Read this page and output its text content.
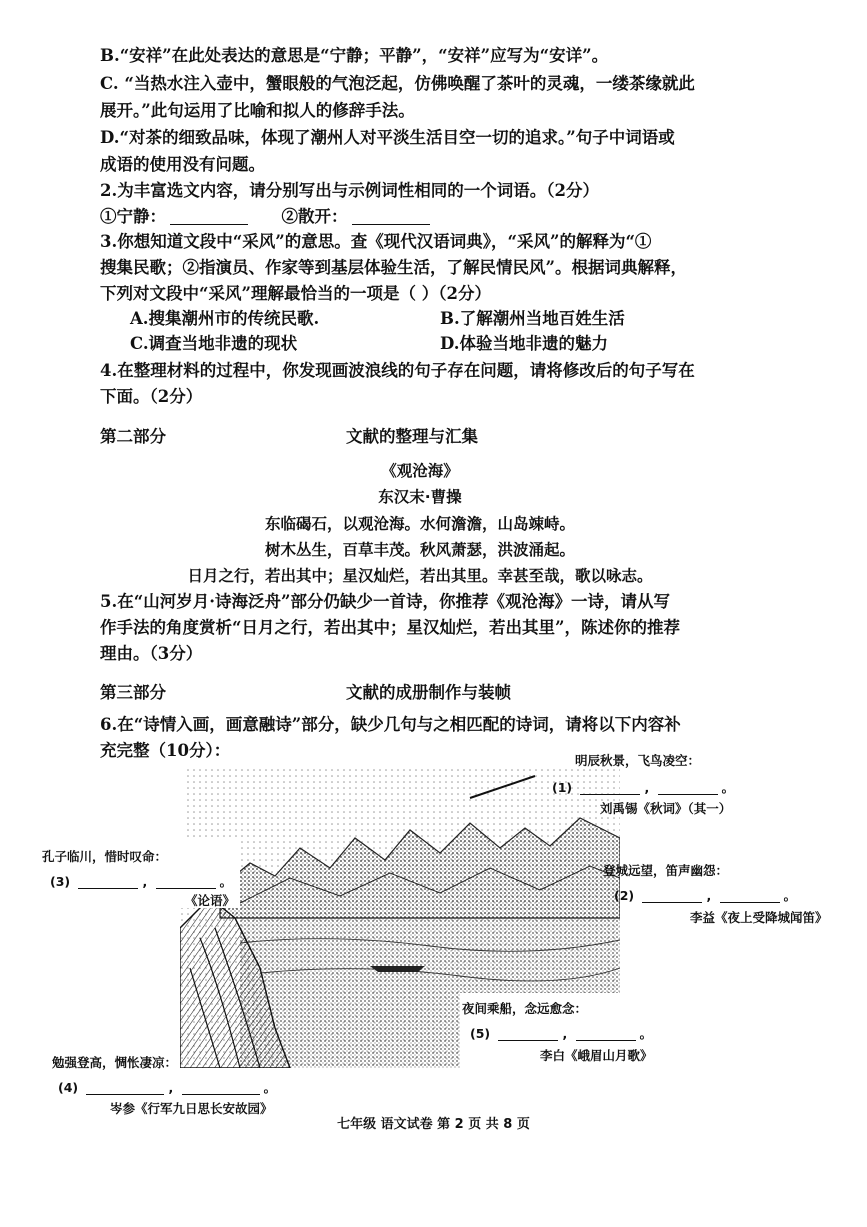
B.“安祥”在此处表达的意思是“宁静；平静”，“安祥”应写为“安详”。
C. “当热水注入壶中，蟹眼般的气泡泛起，仿佛唤醒了茶叶的灵魂，一缕茶缘就此
展开。”此句运用了比喻和拟人的修辞手法。
D.“对茶的细致品味，体现了潮州人对平淡生活目空一切的追求。”句子中词语或
成语的使用没有问题。
2.为丰富选文内容，请分别写出与示例词性相同的一个词语。（2分）
①宁静：	②散开：
3.你想知道文段中“采风”的意思。查《现代汉语词典》，“采风”的解释为“①
搜集民歌；②指演员、作家等到基层体验生活，了解民情民风”。根据词典解释，
下列对文段中“采风”理解最恰当的一项是（ ）（2分）
A.搜集潮州市的传统民歌.	B.了解潮州当地百姓生活
C.调查当地非遗的现状	D.体验当地非遗的魅力
4.在整理材料的过程中，你发现画波浪线的句子存在问题，请将修改后的句子写在
下面。（2分）
第二部分	文献的整理与汇集
《观沧海》
东汉末·曹操
东临碣石，以观沧海。水何澹澹，山岛竦峙。
树木丛生，百草丰茂。秋风萧瑟，洪波涌起。
日月之行，若出其中；星汉灿烂，若出其里。幸甚至哉，歌以咏志。
5.在“山河岁月·诗海泛舟”部分仍缺少一首诗，你推荐《观沧海》一诗，请从写
作手法的角度赏析“日月之行，若出其中；星汉灿烂，若出其里”，陈述你的推荐
理由。（3分）
第三部分	文献的成册制作与装帧
6.在“诗情入画，画意融诗”部分，缺少几句与之相匹配的诗词，请将以下内容补
充完整（10分）：
明辰秋景，飞鸟凌空：
(1)	,	。
刘禹锡《秋词》（其一）
登城远望，笛声幽怨：
(2)	,	。
李益《夜上受降城闻笛》
孔子临川，惜时叹命：
(3)	,	。
《论语》
夜间乘船，念远愈念：
(5)	,	。
李白《峨眉山月歌》
勉强登高，惆怅凄凉：
(4)	,	。
岑参《行军九日思长安故园》
七年级 语文试卷 第 2 页 共 8 页
